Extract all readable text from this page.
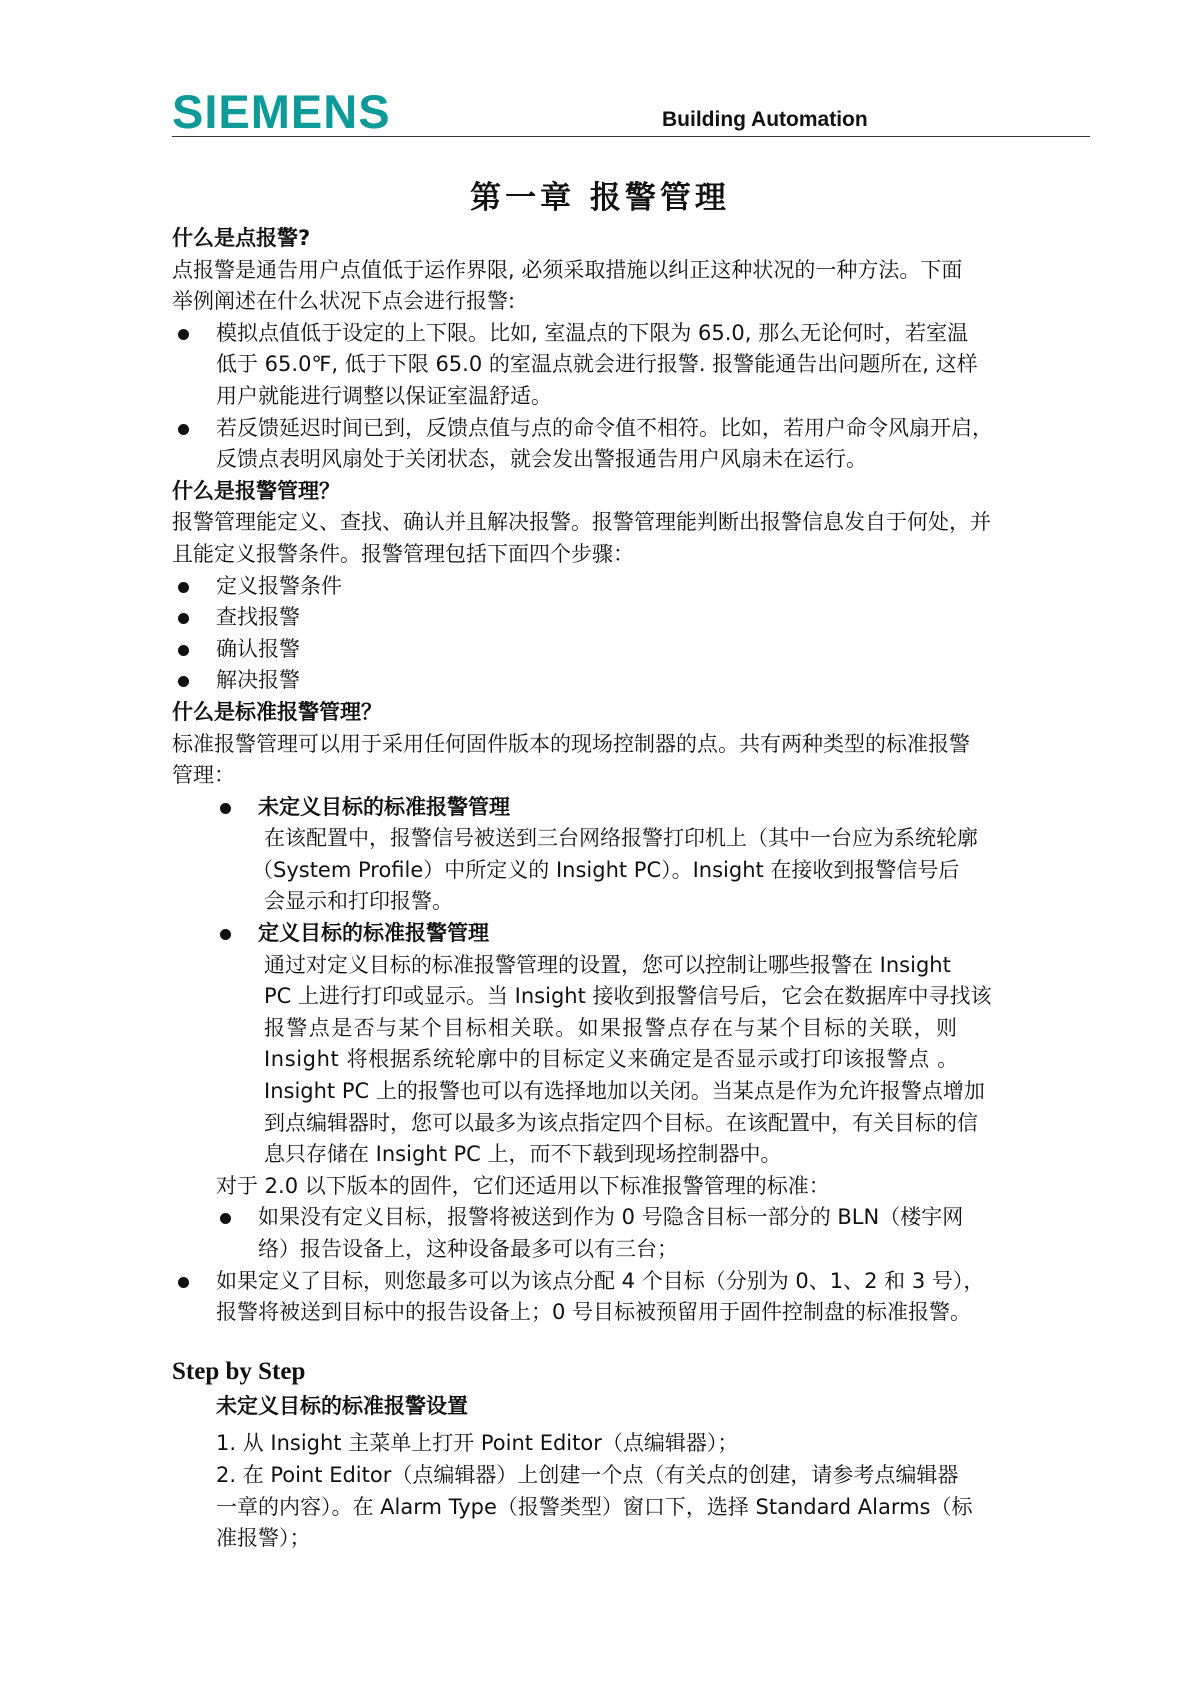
SIEMENS	Building Automation
第一章 报警管理
什么是点报警?
点报警是通告用户点值低于运作界限, 必须采取措施以纠正这种状况的一种方法。下面
举例阐述在什么状况下点会进行报警:
模拟点值低于设定的上下限。比如, 室温点的下限为 65.0, 那么无论何时，若室温
低于 65.0℉, 低于下限 65.0 的室温点就会进行报警. 报警能通告出问题所在, 这样
用户就能进行调整以保证室温舒适。
若反馈延迟时间已到，反馈点值与点的命令值不相符。比如，若用户命令风扇开启，
反馈点表明风扇处于关闭状态，就会发出警报通告用户风扇未在运行。
什么是报警管理？
报警管理能定义、查找、确认并且解决报警。报警管理能判断出报警信息发自于何处，并
且能定义报警条件。报警管理包括下面四个步骤：
定义报警条件
查找报警
确认报警
解决报警
什么是标准报警管理？
标准报警管理可以用于采用任何固件版本的现场控制器的点。共有两种类型的标准报警
管理：
未定义目标的标准报警管理
在该配置中，报警信号被送到三台网络报警打印机上（其中一台应为系统轮廓
（System Profile）中所定义的 Insight PC）。Insight 在接收到报警信号后
会显示和打印报警。
定义目标的标准报警管理
通过对定义目标的标准报警管理的设置，您可以控制让哪些报警在 Insight
PC 上进行打印或显示。当 Insight 接收到报警信号后，它会在数据库中寻找该
报警点是否与某个目标相关联。如果报警点存在与某个目标的关联，则
Insight 将根据系统轮廓中的目标定义来确定是否显示或打印该报警点 。
Insight PC 上的报警也可以有选择地加以关闭。当某点是作为允许报警点增加
到点编辑器时，您可以最多为该点指定四个目标。在该配置中，有关目标的信
息只存储在 Insight PC 上，而不下载到现场控制器中。
对于 2.0 以下版本的固件，它们还适用以下标准报警管理的标准：
如果没有定义目标，报警将被送到作为 0 号隐含目标一部分的 BLN（楼宇网
络）报告设备上，这种设备最多可以有三台；
如果定义了目标，则您最多可以为该点分配 4 个目标（分别为 0、1、2 和 3 号），
报警将被送到目标中的报告设备上；0 号目标被预留用于固件控制盘的标准报警。
Step by Step
未定义目标的标准报警设置
1. 从 Insight 主菜单上打开 Point Editor（点编辑器）；
2. 在 Point Editor（点编辑器）上创建一个点（有关点的创建，请参考点编辑器
一章的内容）。在 Alarm Type（报警类型）窗口下，选择 Standard Alarms（标
准报警）；
